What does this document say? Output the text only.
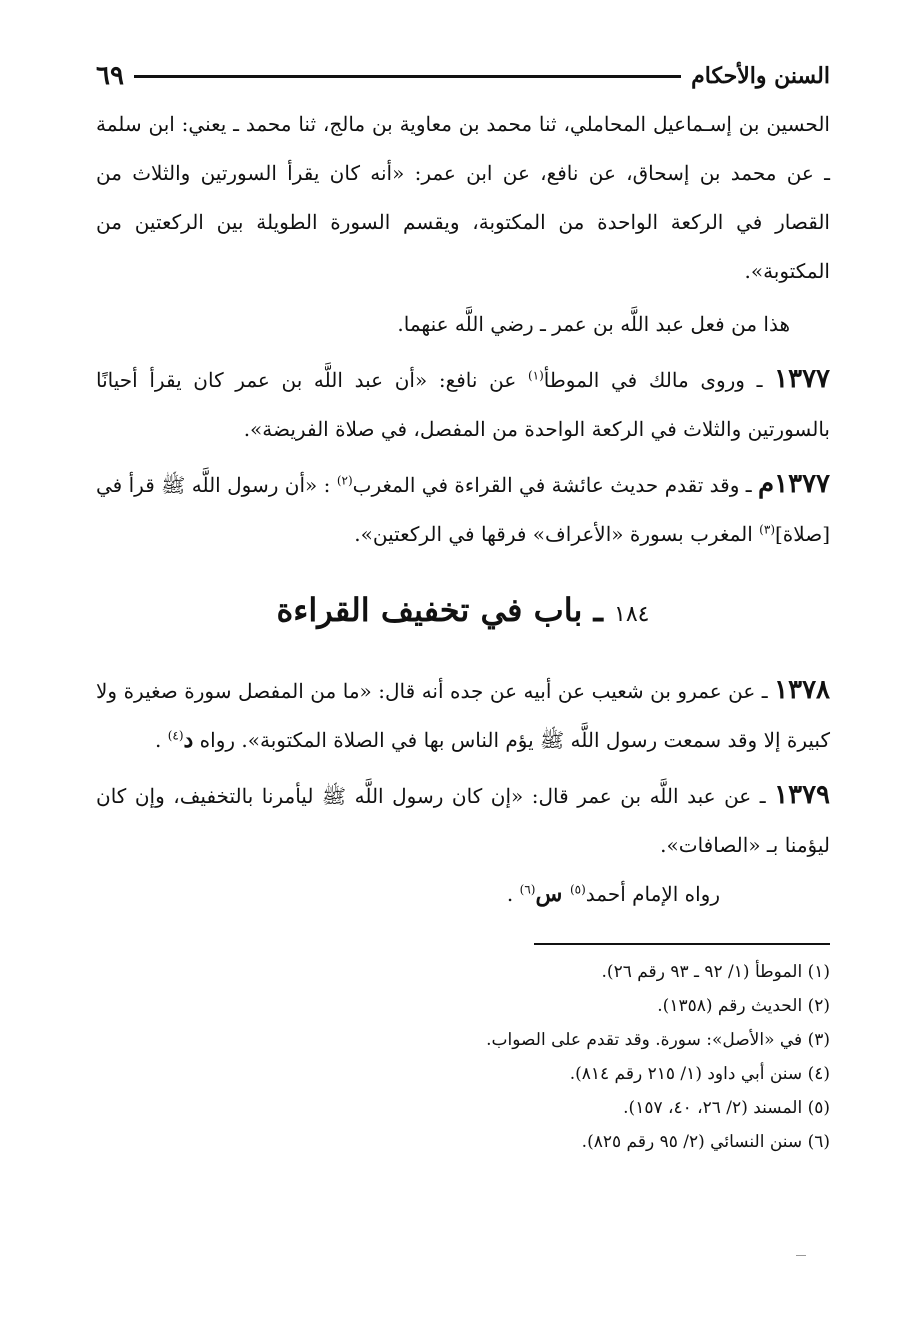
السنن والأحكام
٦٩

الحسين بن إسـماعيل المحاملي، ثنا محمد بن معاوية بن مالج، ثنا محمد ـ يعني: ابن سلمة ـ عن محمد بن إسحاق، عن نافع، عن ابن عمر: «أنه كان يقرأ السورتين والثلاث من القصار في الركعة الواحدة من المكتوبة، ويقسم السورة الطويلة بين الركعتين من المكتوبة».

هذا من فعل عبد اللَّه بن عمر ـ رضي اللَّه عنهما.

١٣٧٧ ـ وروى مالك في الموطأ$^{(١)}$ عن نافع: «أن عبد اللَّه بن عمر كان يقرأ أحيانًا بالسورتين والثلاث في الركعة الواحدة من المفصل، في صلاة الفريضة».

١٣٧٧م ـ وقد تقدم حديث عائشة في القراءة في المغرب$^{(٢)}$ : «أن رسول اللَّه ﷺ قرأ في [صلاة]$^{(٣)}$ المغرب بسورة «الأعراف» فرقها في الركعتين».

١٨٤ ـ باب في تخفيف القراءة

١٣٧٨ ـ عن عمرو بن شعيب عن أبيه عن جده أنه قال: «ما من المفصل سورة صغيرة ولا كبيرة إلا وقد سمعت رسول اللَّه ﷺ يؤم الناس بها في الصلاة المكتوبة». رواه د$^{(٤)}$ .

١٣٧٩ ـ عن عبد اللَّه بن عمر قال: «إن كان رسول اللَّه ﷺ ليأمرنا بالتخفيف، وإن كان ليؤمنا بـ «الصافات».

رواه الإمام أحمد$^{(٥)}$ س$^{(٦)}$ .

(١) الموطأ (١/ ٩٢ ـ ٩٣ رقم ٢٦).
(٢) الحديث رقم (١٣٥٨).
(٣) في «الأصل»: سورة. وقد تقدم على الصواب.
(٤) سنن أبي داود (١/ ٢١٥ رقم ٨١٤).
(٥) المسند (٢/ ٢٦، ٤٠، ١٥٧).
(٦) سنن النسائي (٢/ ٩٥ رقم ٨٢٥).
